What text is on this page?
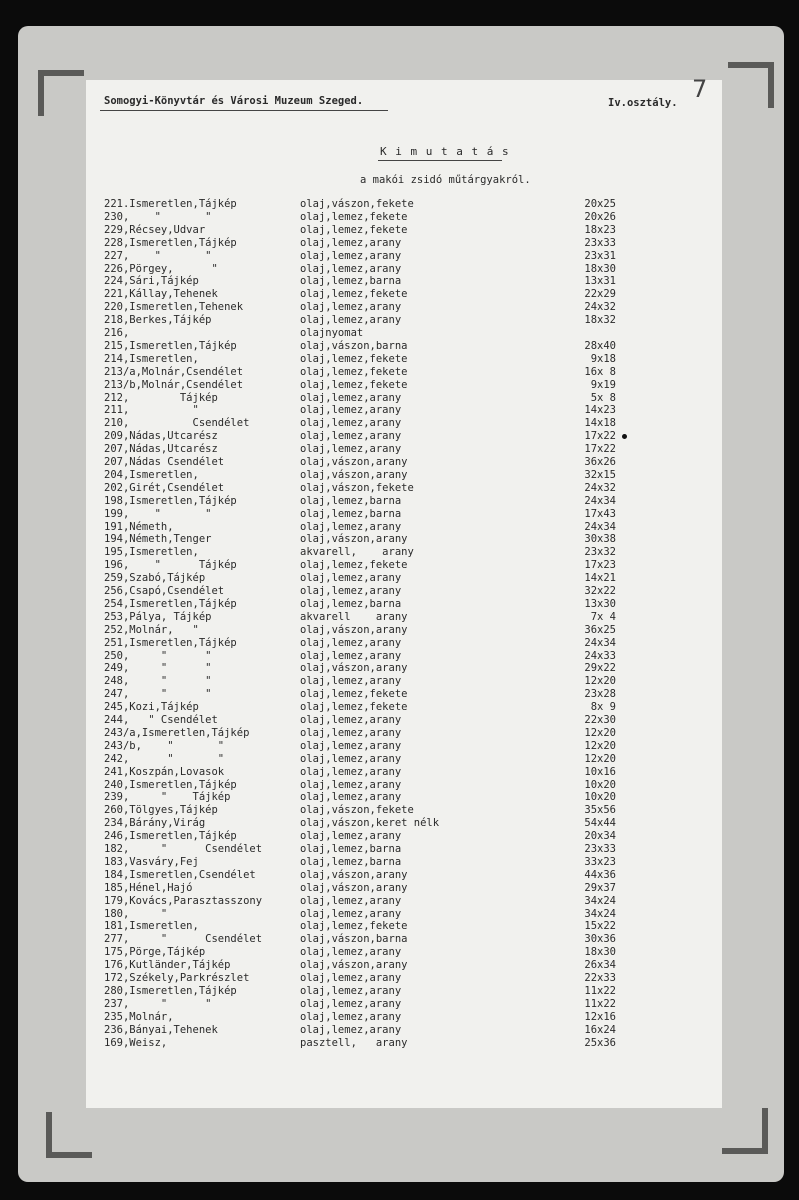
Somogyi-Könyvtár és Városi Muzeum Szeged.	Iv.osztály. 7
K i m u t a t á s
a makói zsidó műtárgyakról.
221.Ismeretlen,Tájkép	olaj,vászon,fekete	20x25
230,    "       "	olaj,lemez,fekete	20x26
229,Récsey,Udvar	olaj,lemez,fekete	18x23
228,Ismeretlen,Tájkép	olaj,lemez,arany	23x33
227,    "       "	olaj,lemez,arany	23x31
226,Pörgey,      "	olaj,lemez,arany	18x30
224,Sári,Tájkép	olaj,lemez,barna	13x31
221,Kállay,Tehenek	olaj,lemez,fekete	22x29
220,Ismeretlen,Tehenek	olaj,lemez,arany	24x32
218,Berkes,Tájkép	olaj,lemez,arany	18x32
216,	olajnyomat
215,Ismeretlen,Tájkép	olaj,vászon,barna	28x40
214,Ismeretlen,	olaj,lemez,fekete	9x18
213/a,Molnár,Csendélet	olaj,lemez,fekete	16x 8
213/b,Molnár,Csendélet	olaj,lemez,fekete	9x19
212,        Tájkép	olaj,lemez,arany	5x 8
211,          "	olaj,lemez,arany	14x23
210,          Csendélet	olaj,lemez,arany	14x18
209,Nádas,Utcarész	olaj,lemez,arany	17x22
207,Nádas,Utcarész	olaj,lemez,arany	17x22
207,Nádas Csendélet	olaj,vászon,arany	36x26
204,Ismeretlen,	olaj,vászon,arany	32x15
202,Girét,Csendélet	olaj,vászon,fekete	24x32
198,Ismeretlen,Tájkép	olaj,lemez,barna	24x34
199,    "       "	olaj,lemez,barna	17x43
191,Németh,	olaj,lemez,arany	24x34
194,Németh,Tenger	olaj,vászon,arany	30x38
195,Ismeretlen,	akvarell,    arany	23x32
196,    "      Tájkép	olaj,lemez,fekete	17x23
259,Szabó,Tájkép	olaj,lemez,arany	14x21
256,Csapó,Csendélet	olaj,lemez,arany	32x22
254,Ismeretlen,Tájkép	olaj,lemez,barna	13x30
253,Pálya, Tájkép	akvarell    arany	7x 4
252,Molnár,   "	olaj,vászon,arany	36x25
251,Ismeretlen,Tájkép	olaj,lemez,arany	24x34
250,     "      "	olaj,lemez,arany	24x33
249,     "      "	olaj,vászon,arany	29x22
248,     "      "	olaj,lemez,arany	12x20
247,     "      "	olaj,lemez,fekete	23x28
245,Kozi,Tájkép	olaj,lemez,fekete	8x 9
244,   " Csendélet	olaj,lemez,arany	22x30
243/a,Ismeretlen,Tájkép	olaj,lemez,arany	12x20
243/b,    "       "	olaj,lemez,arany	12x20
242,      "       "	olaj,lemez,arany	12x20
241,Koszpán,Lovasok	olaj,lemez,arany	10x16
240,Ismeretlen,Tájkép	olaj,lemez,arany	10x20
239,     "    Tájkép	olaj,lemez,arany	10x20
260,Tölgyes,Tájkép	olaj,vászon,fekete	35x56
234,Bárány,Virág	olaj,vászon,keret nélk	54x44
246,Ismeretlen,Tájkép	olaj,lemez,arany	20x34
182,     "      Csendélet	olaj,lemez,barna	23x33
183,Vasváry,Fej	olaj,lemez,barna	33x23
184,Ismeretlen,Csendélet	olaj,vászon,arany	44x36
185,Hénel,Hajó	olaj,vászon,arany	29x37
179,Kovács,Parasztasszony	olaj,lemez,arany	34x24
180,     "	olaj,lemez,arany	34x24
181,Ismeretlen,	olaj,lemez,fekete	15x22
277,     "      Csendélet	olaj,vászon,barna	30x36
175,Pörge,Tájkép	olaj,lemez,arany	18x30
176,Kutländer,Tájkép	olaj,vászon,arany	26x34
172,Székely,Parkrészlet	olaj,lemez,arany	22x33
280,Ismeretlen,Tájkép	olaj,lemez,arany	11x22
237,     "      "	olaj,lemez,arany	11x22
235,Molnár,	olaj,lemez,arany	12x16
236,Bányai,Tehenek	olaj,lemez,arany	16x24
169,Weisz,	pasztell,   arany	25x36
